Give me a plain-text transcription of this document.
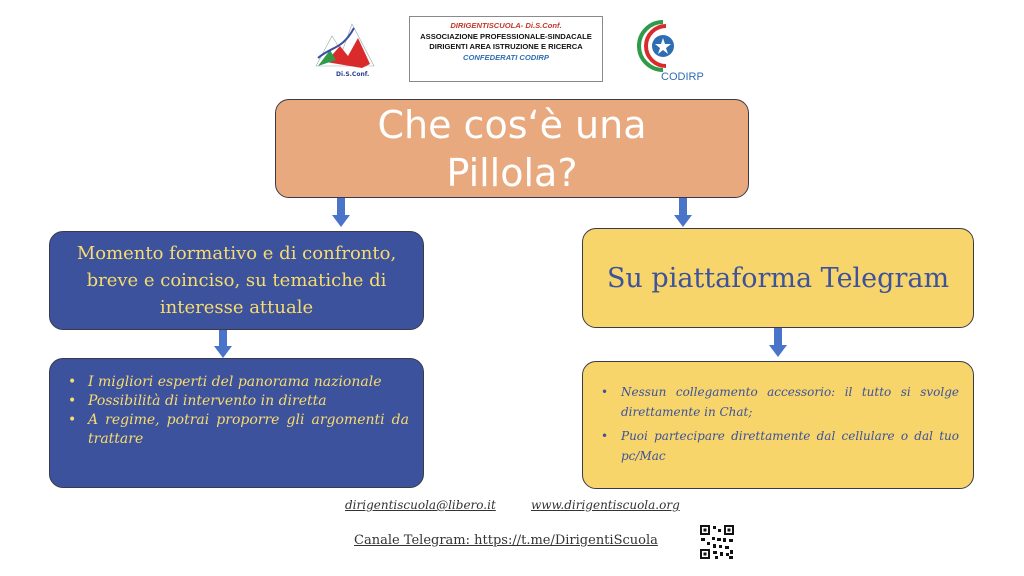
Di.S.Conf.
DIRIGENTISCUOLA- Di.S.Conf.
ASSOCIAZIONE PROFESSIONALE-SINDACALE
DIRIGENTI AREA ISTRUZIONE E RICERCA
CONFEDERATI CODIRP
CODIRP
Che cos‘è una Pillola?
Momento formativo e di confronto, breve e coinciso, su tematiche di interesse attuale
Su piattaforma Telegram
• I migliori esperti del panorama nazionale
• Possibilità di intervento in diretta
• A regime, potrai proporre gli argomenti da trattare
• Nessun collegamento accessorio: il tutto si svolge direttamente in Chat;
• Puoi partecipare direttamente dal cellulare o dal tuo pc/Mac
dirigentiscuola@libero.it	www.dirigentiscuola.org
Canale Telegram: https://t.me/DirigentiScuola
